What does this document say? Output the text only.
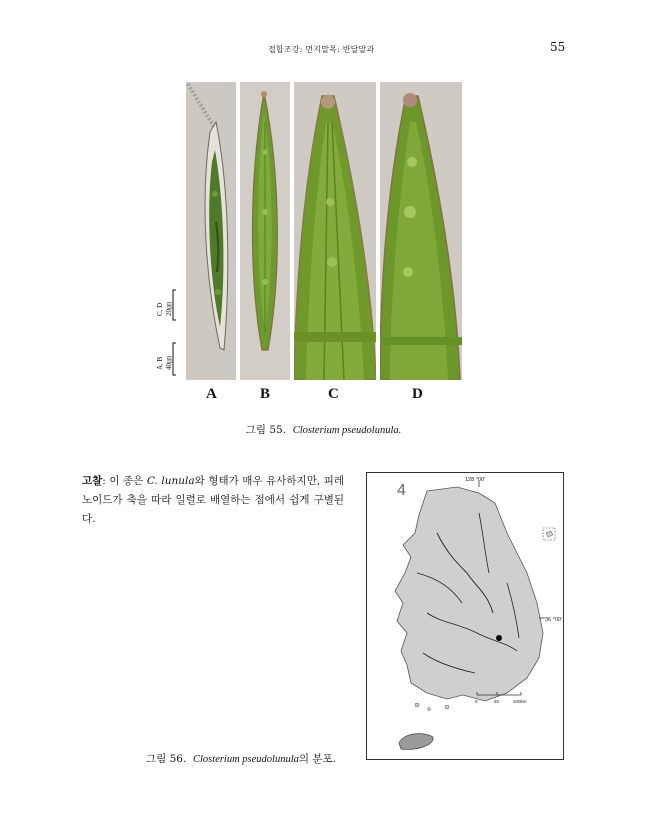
접합조강: 먼지말목: 반달말과	55
A	B	C	D
C, D
20㎛
A, B
40㎛
그림 55. Closterium pseudolunula.
고찰: 이 종은 C. lunula와 형태가 매우 유사하지만, 피레노이드가 축을 따라 일렬로 배열하는 점에서 쉽게 구별된다.
4
128 °00'
36 °00'
0	50	100km
그림 56. Closterium pseudolunula의 분포.
